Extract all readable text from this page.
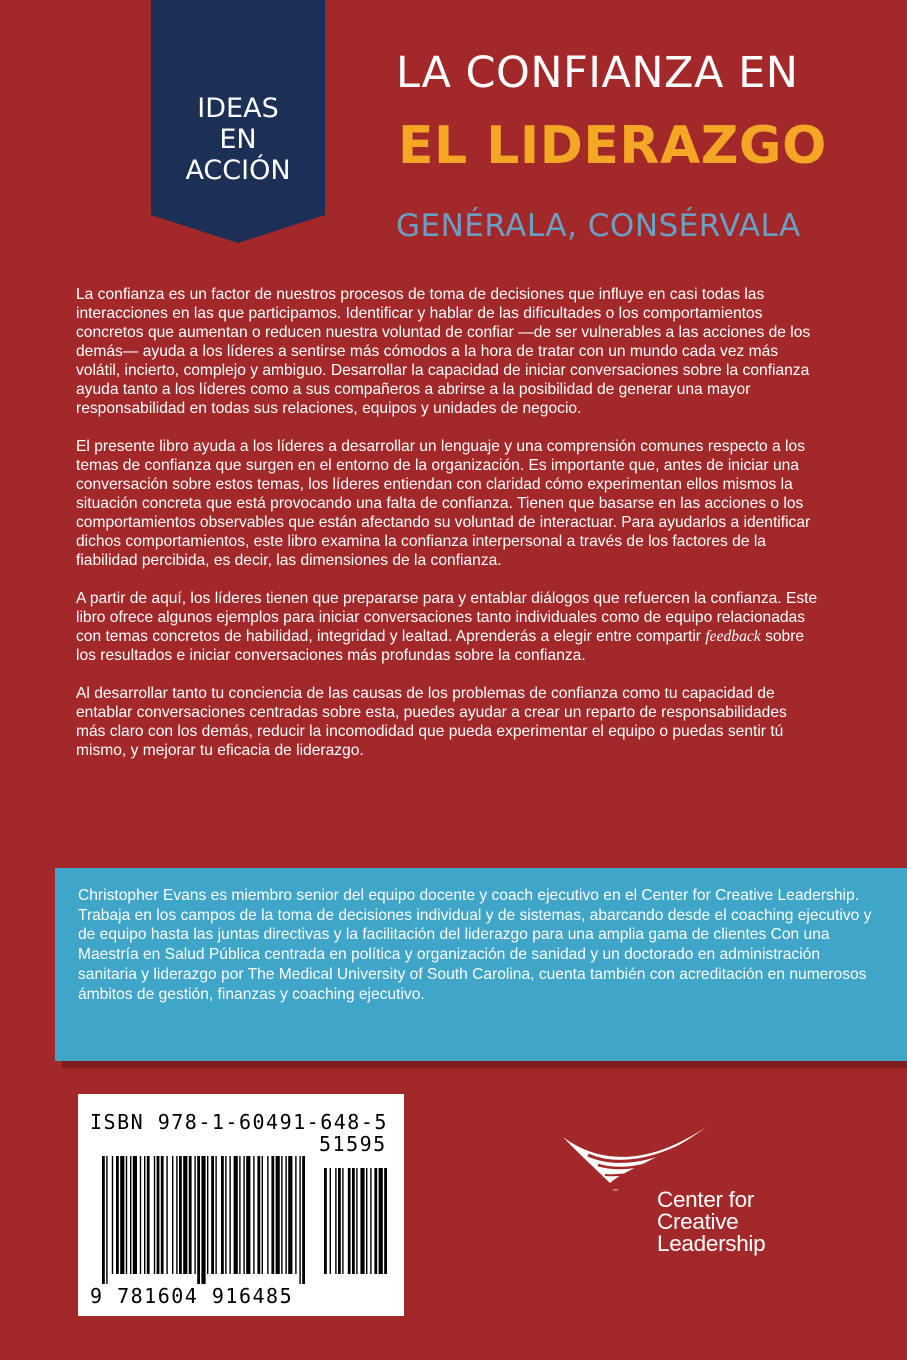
IDEAS
EN
ACCIÓN
LA CONFIANZA EN
EL LIDERAZGO
GENÉRALA, CONSÉRVALA

La confianza es un factor de nuestros procesos de toma de decisiones que influye en casi todas las interacciones en las que participamos. Identificar y hablar de las dificultades o los comportamientos concretos que aumentan o reducen nuestra voluntad de confiar —de ser vulnerables a las acciones de los demás— ayuda a los líderes a sentirse más cómodos a la hora de tratar con un mundo cada vez más volátil, incierto, complejo y ambiguo. Desarrollar la capacidad de iniciar conversaciones sobre la confianza ayuda tanto a los líderes como a sus compañeros a abrirse a la posibilidad de generar una mayor responsabilidad en todas sus relaciones, equipos y unidades de negocio.

El presente libro ayuda a los líderes a desarrollar un lenguaje y una comprensión comunes respecto a los temas de confianza que surgen en el entorno de la organización. Es importante que, antes de iniciar una conversación sobre estos temas, los líderes entiendan con claridad cómo experimentan ellos mismos la situación concreta que está provocando una falta de confianza. Tienen que basarse en las acciones o los comportamientos observables que están afectando su voluntad de interactuar. Para ayudarlos a identificar dichos comportamientos, este libro examina la confianza interpersonal a través de los factores de la fiabilidad percibida, es decir, las dimensiones de la confianza.

A partir de aquí, los líderes tienen que prepararse para y entablar diálogos que refuercen la confianza. Este libro ofrece algunos ejemplos para iniciar conversaciones tanto individuales como de equipo relacionadas con temas concretos de habilidad, integridad y lealtad. Aprenderás a elegir entre compartir feedback sobre los resultados e iniciar conversaciones más profundas sobre la confianza.

Al desarrollar tanto tu conciencia de las causas de los problemas de confianza como tu capacidad de entablar conversaciones centradas sobre esta, puedes ayudar a crear un reparto de responsabilidades más claro con los demás, reducir la incomodidad que pueda experimentar el equipo o puedas sentir tú mismo, y mejorar tu eficacia de liderazgo.

Christopher Evans es miembro senior del equipo docente y coach ejecutivo en el Center for Creative Leadership. Trabaja en los campos de la toma de decisiones individual y de sistemas, abarcando desde el coaching ejecutivo y de equipo hasta las juntas directivas y la facilitación del liderazgo para una amplia gama de clientes Con una Maestría en Salud Pública centrada en política y organización de sanidad y un doctorado en administración sanitaria y liderazgo por The Medical University of South Carolina, cuenta también con acreditación en numerosos ámbitos de gestión, finanzas y coaching ejecutivo.
ISBN 978-1-60491-648-5
51595
9 781604 916485
™ Center for
Creative
Leadership
